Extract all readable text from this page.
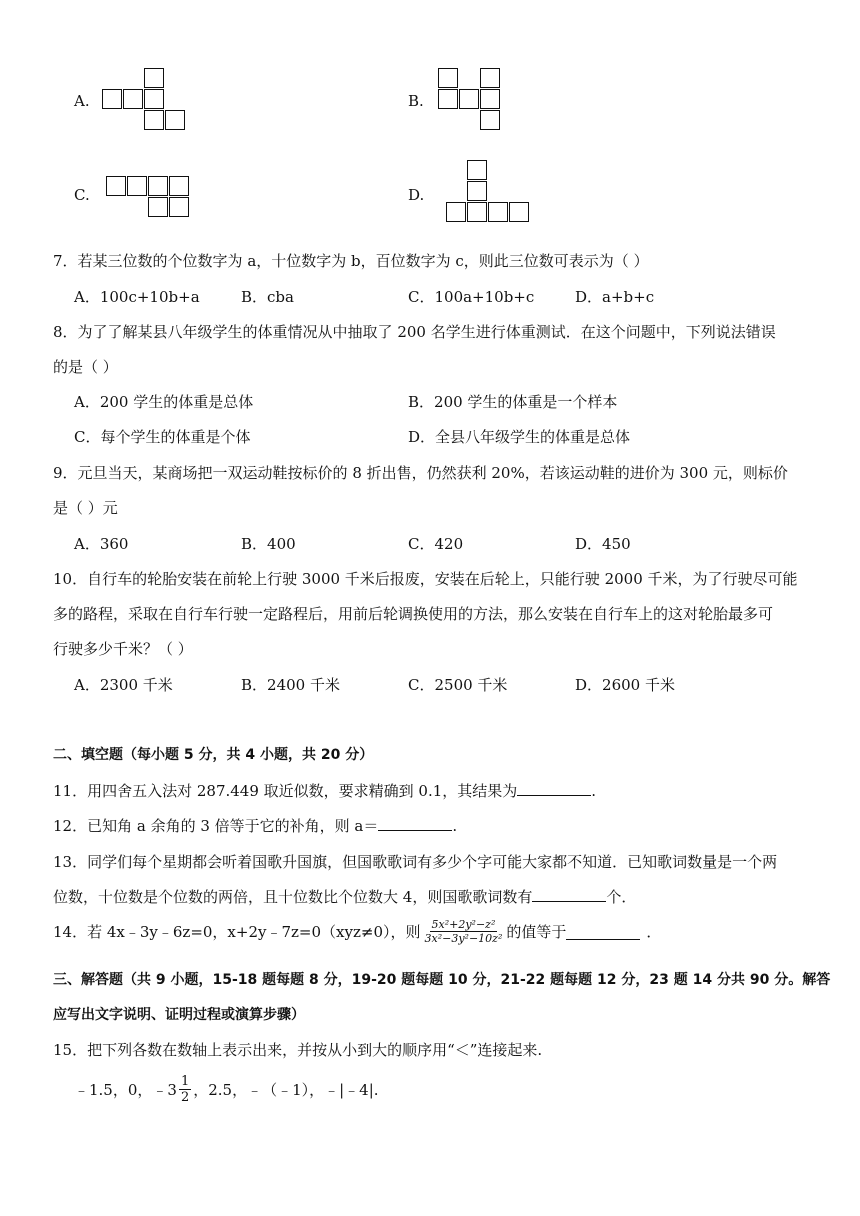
A.	B.
C.	D.
7．若某三位数的个位数字为 a，十位数字为 b，百位数字为 c，则此三位数可表示为（ ）
A．100c+10b+a	B．cba	C．100a+10b+c	D．a+b+c
8．为了了解某县八年级学生的体重情况从中抽取了 200 名学生进行体重测试．在这个问题中，下列说法错误
的是（ ）
A．200 学生的体重是总体	B．200 学生的体重是一个样本
C．每个学生的体重是个体	D．全县八年级学生的体重是总体
9．元旦当天，某商场把一双运动鞋按标价的 8 折出售，仍然获利 20%，若该运动鞋的进价为 300 元，则标价
是（ ）元
A．360	B．400	C．420	D．450
10．自行车的轮胎安装在前轮上行驶 3000 千米后报废，安装在后轮上，只能行驶 2000 千米，为了行驶尽可能
多的路程，采取在自行车行驶一定路程后，用前后轮调换使用的方法，那么安装在自行车上的这对轮胎最多可
行驶多少千米？（ ）
A．2300 千米	B．2400 千米	C．2500 千米	D．2600 千米
二、填空题（每小题 5 分，共 4 小题，共 20 分）
11．用四舍五入法对 287.449 取近似数，要求精确到 0.1，其结果为	.
12．已知角 a 余角的 3 倍等于它的补角，则 a＝	.
13．同学们每个星期都会听着国歌升国旗，但国歌歌词有多少个字可能大家都不知道．已知歌词数量是一个两
位数，十位数是个位数的两倍，且十位数比个位数大 4，则国歌歌词数有	个．
14．若 4x﹣3y﹣6z=0，x+2y﹣7z=0（xyz≠0），则 $\frac{\text{5x²+2y²−z²}}{\text{3x²−3y²−10z²}}$ 的值等于	．
三、解答题（共 9 小题，15-18 题每题 8 分，19-20 题每题 10 分，21-22 题每题 12 分，23 题 14 分共 90 分。解答
应写出文字说明、证明过程或演算步骤）
15．把下列各数在数轴上表示出来，并按从小到大的顺序用“＜”连接起来.
﹣1.5，0，﹣3 $\frac{1}{2}$ ，2.5，﹣（﹣1），﹣|﹣4|.
